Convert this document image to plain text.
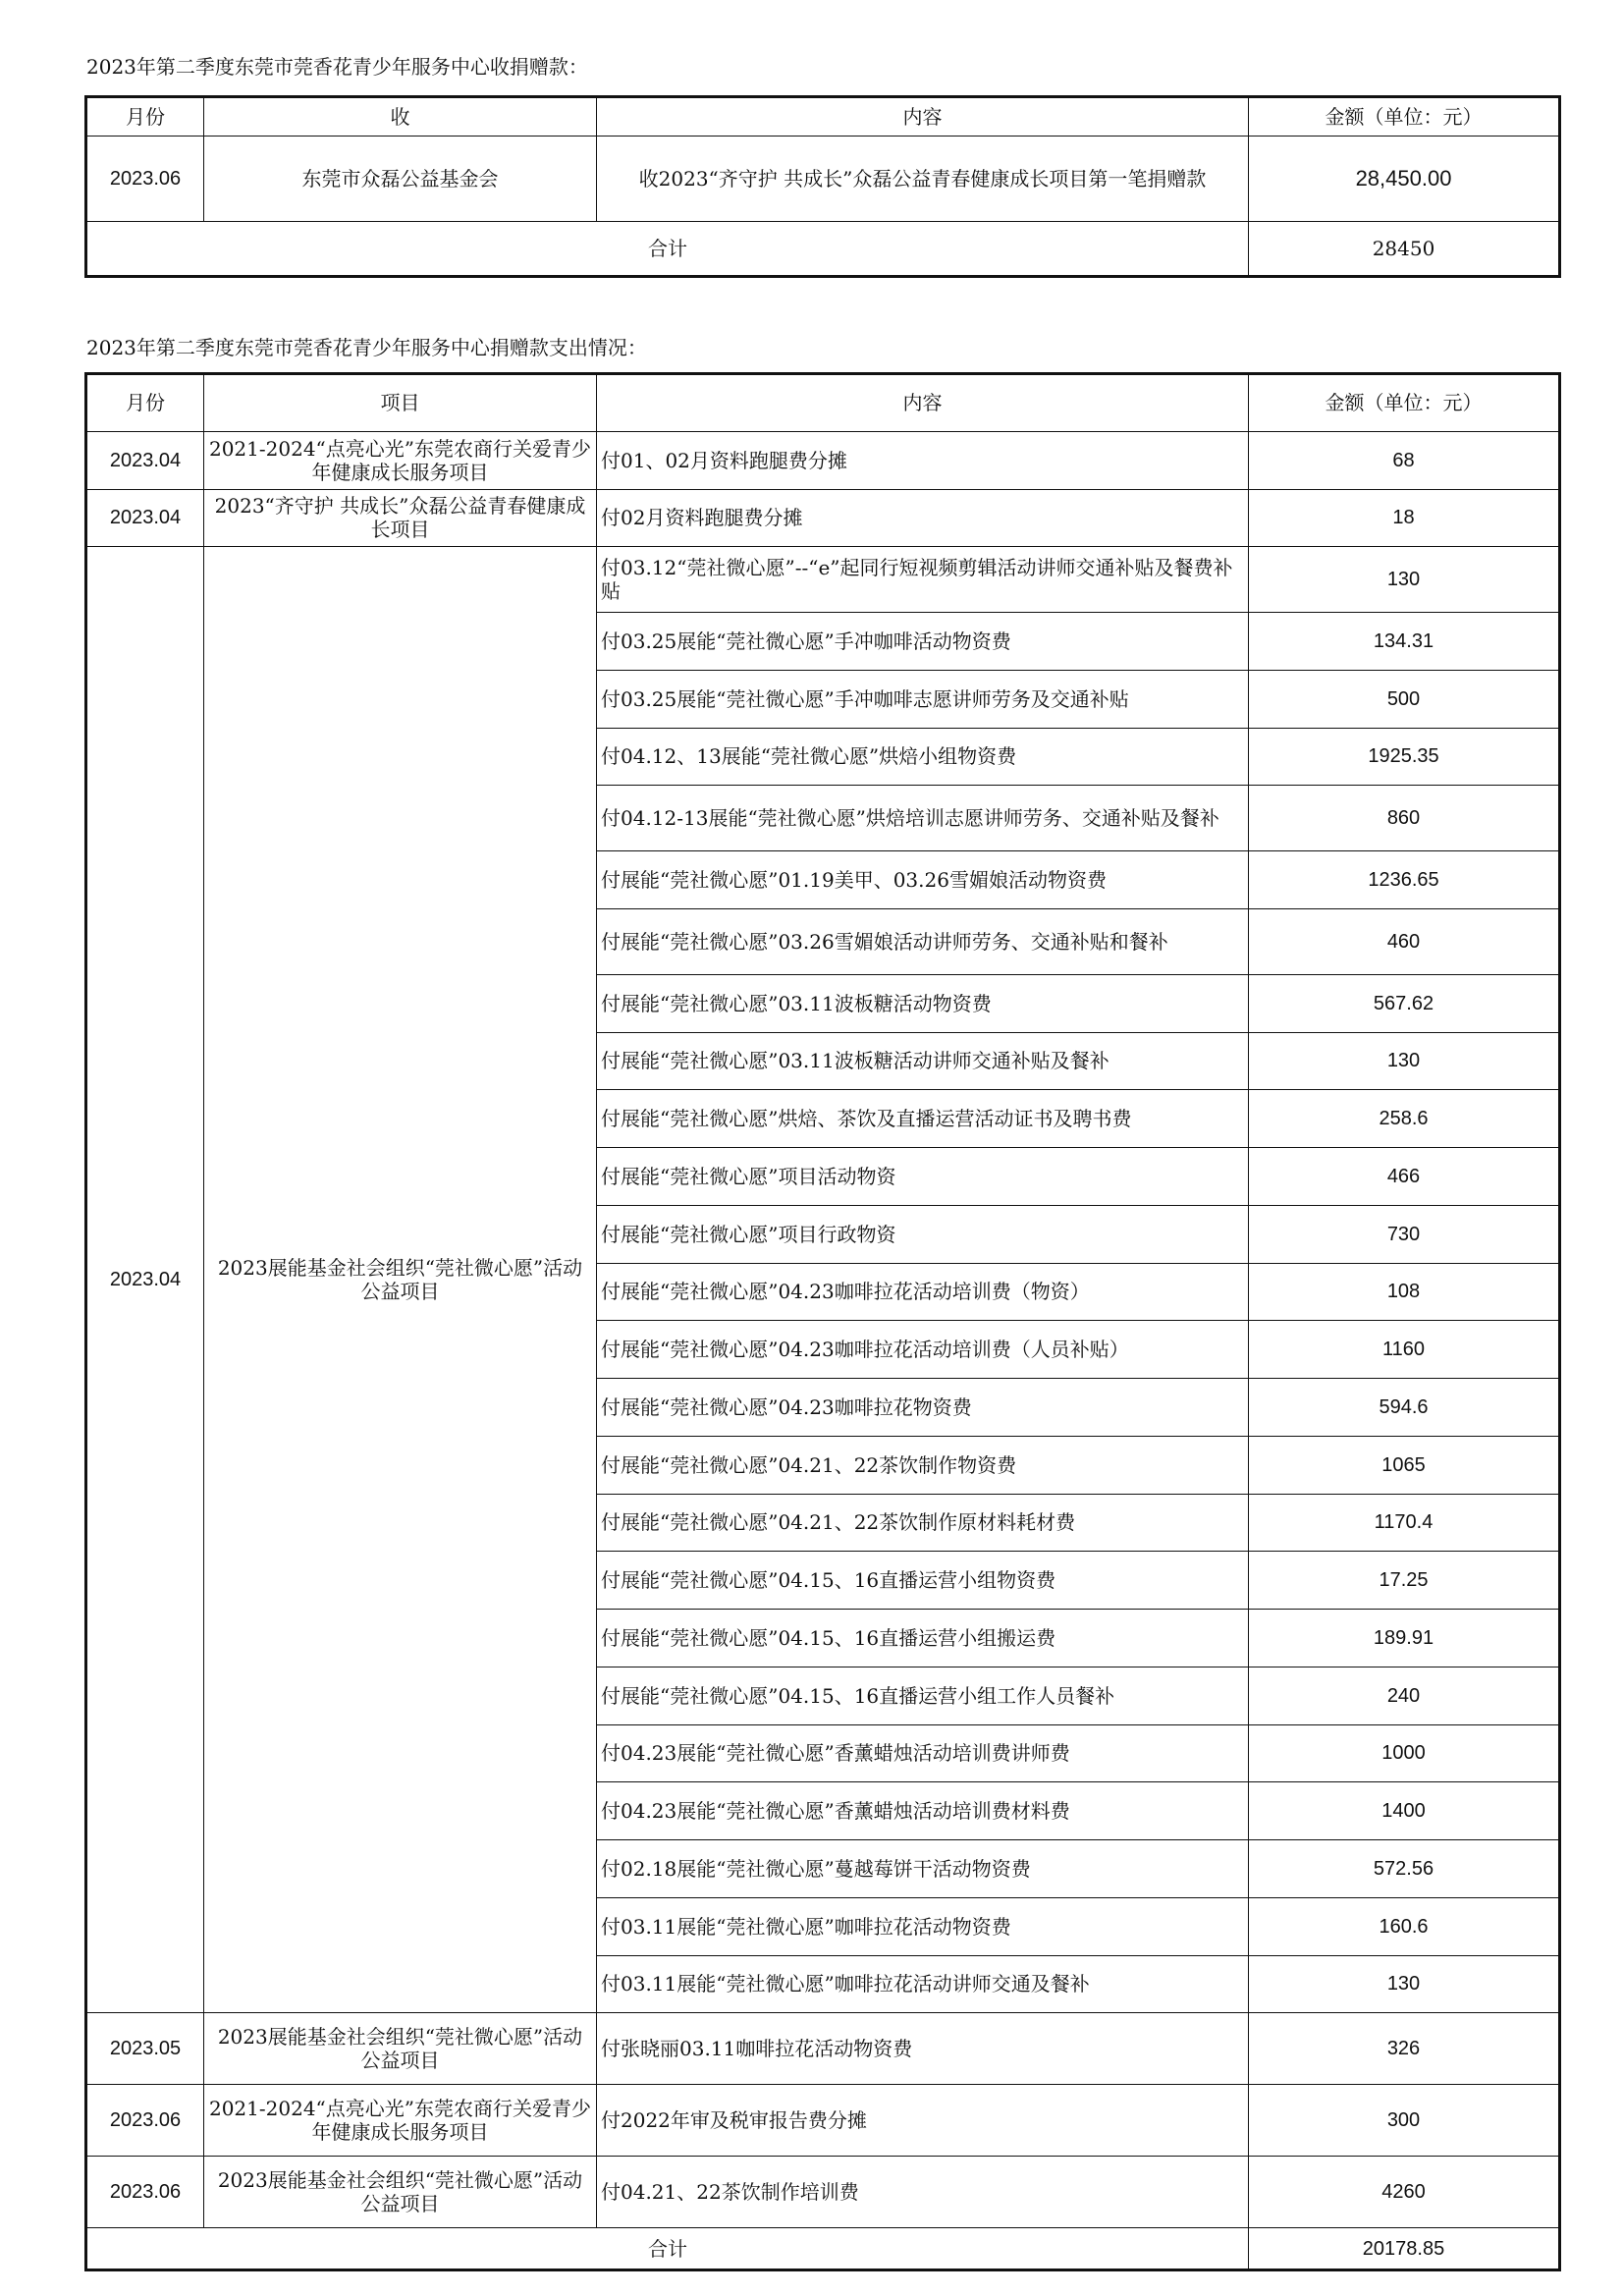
2023年第二季度东莞市莞香花青少年服务中心收捐赠款：
月份	收	内容	金额（单位：元）
2023.06	东莞市众磊公益基金会	收2023“齐守护 共成长”众磊公益青春健康成长项目第一笔捐赠款	28,450.00
合计			28450
2023年第二季度东莞市莞香花青少年服务中心捐赠款支出情况：
月份	项目	内容	金额（单位：元）
2023.04	2021-2024“点亮心光”东莞农商行关爱青少年健康成长服务项目	付01、02月资料跑腿费分摊	68
2023.04	2023“齐守护 共成长”众磊公益青春健康成长项目	付02月资料跑腿费分摊	18
2023.04	2023展能基金社会组织“莞社微心愿”活动公益项目	付03.12“莞社微心愿”--“e”起同行短视频剪辑活动讲师交通补贴及餐费补贴	130
		付03.25展能“莞社微心愿”手冲咖啡活动物资费	134.31
		付03.25展能“莞社微心愿”手冲咖啡志愿讲师劳务及交通补贴	500
		付04.12、13展能“莞社微心愿”烘焙小组物资费	1925.35
		付04.12-13展能“莞社微心愿”烘焙培训志愿讲师劳务、交通补贴及餐补	860
		付展能“莞社微心愿”01.19美甲、03.26雪媚娘活动物资费	1236.65
		付展能“莞社微心愿”03.26雪媚娘活动讲师劳务、交通补贴和餐补	460
		付展能“莞社微心愿”03.11波板糖活动物资费	567.62
		付展能“莞社微心愿”03.11波板糖活动讲师交通补贴及餐补	130
		付展能“莞社微心愿”烘焙、茶饮及直播运营活动证书及聘书费	258.6
		付展能“莞社微心愿”项目活动物资	466
		付展能“莞社微心愿”项目行政物资	730
		付展能“莞社微心愿”04.23咖啡拉花活动培训费（物资）	108
		付展能“莞社微心愿”04.23咖啡拉花活动培训费（人员补贴）	1160
		付展能“莞社微心愿”04.23咖啡拉花物资费	594.6
		付展能“莞社微心愿”04.21、22茶饮制作物资费	1065
		付展能“莞社微心愿”04.21、22茶饮制作原材料耗材费	1170.4
		付展能“莞社微心愿”04.15、16直播运营小组物资费	17.25
		付展能“莞社微心愿”04.15、16直播运营小组搬运费	189.91
		付展能“莞社微心愿”04.15、16直播运营小组工作人员餐补	240
		付04.23展能“莞社微心愿”香薰蜡烛活动培训费讲师费	1000
		付04.23展能“莞社微心愿”香薰蜡烛活动培训费材料费	1400
		付02.18展能“莞社微心愿”蔓越莓饼干活动物资费	572.56
		付03.11展能“莞社微心愿”咖啡拉花活动物资费	160.6
		付03.11展能“莞社微心愿”咖啡拉花活动讲师交通及餐补	130
2023.05	2023展能基金社会组织“莞社微心愿”活动公益项目	付张晓丽03.11咖啡拉花活动物资费	326
2023.06	2021-2024“点亮心光”东莞农商行关爱青少年健康成长服务项目	付2022年审及税审报告费分摊	300
2023.06	2023展能基金社会组织“莞社微心愿”活动公益项目	付04.21、22茶饮制作培训费	4260
合计			20178.85
